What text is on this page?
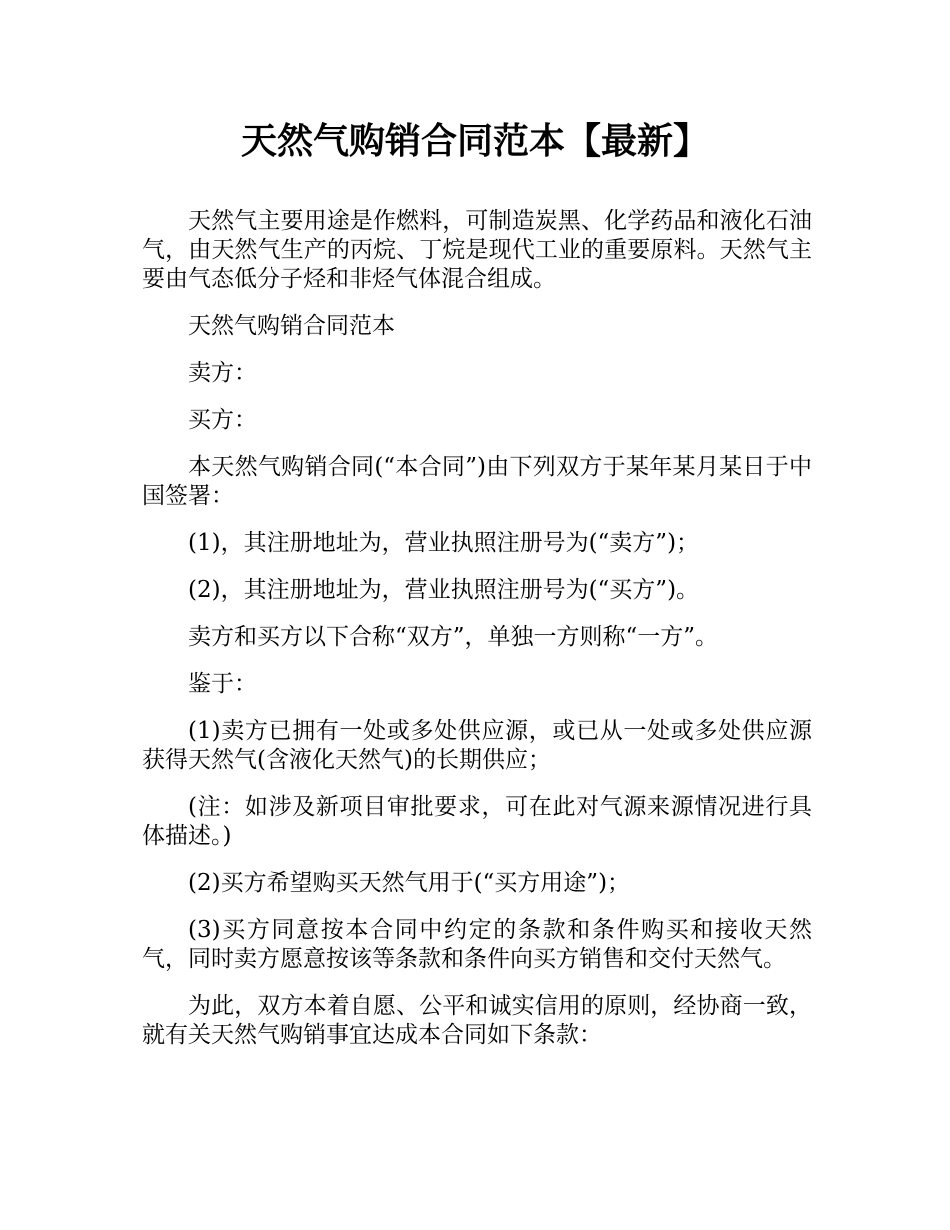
天然气购销合同范本【最新】

天然气主要用途是作燃料，可制造炭黑、化学药品和液化石油气，由天然气生产的丙烷、丁烷是现代工业的重要原料。天然气主要由气态低分子烃和非烃气体混合组成。

天然气购销合同范本

卖方：

买方：

本天然气购销合同(“本合同”)由下列双方于某年某月某日于中国签署：

(1)，其注册地址为，营业执照注册号为(“卖方”)；

(2)，其注册地址为，营业执照注册号为(“买方”)。

卖方和买方以下合称“双方”，单独一方则称“一方”。

鉴于：

(1)卖方已拥有一处或多处供应源，或已从一处或多处供应源获得天然气(含液化天然气)的长期供应；

(注：如涉及新项目审批要求，可在此对气源来源情况进行具体描述。)

(2)买方希望购买天然气用于(“买方用途”)；

(3)买方同意按本合同中约定的条款和条件购买和接收天然气，同时卖方愿意按该等条款和条件向买方销售和交付天然气。

为此，双方本着自愿、公平和诚实信用的原则，经协商一致，就有关天然气购销事宜达成本合同如下条款：
